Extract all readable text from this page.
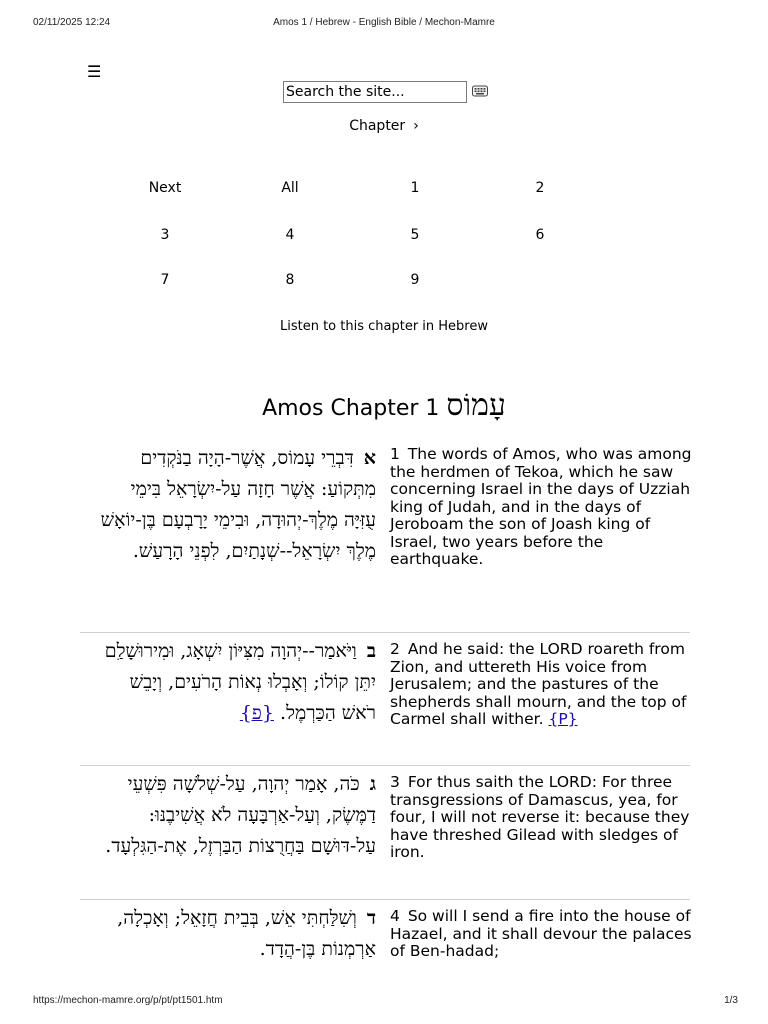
02/11/2025 12:24	Amos 1 / Hebrew - English Bible / Mechon-Mamre
☰
Search the site...
Chapter ›
Next	All	1	2
3	4	5	6
7	8	9
Listen to this chapter in Hebrew
Amos Chapter 1 עָמוֹס
א דִּבְרֵי עָמוֹס, אֲשֶׁר-הָיָה בַנֹּקְדִים מִתְּקוֹעַ: אֲשֶׁר חָזָה עַל-יִשְׂרָאֵל בִּימֵי עֻזִּיָּה מֶלֶךְ-יְהוּדָה, וּבִימֵי יָרָבְעָם בֶּן-יוֹאָשׁ מֶלֶךְ יִשְׂרָאֵל--שְׁנָתַיִם, לִפְנֵי הָרָעַשׁ.
1 The words of Amos, who was among the herdmen of Tekoa, which he saw concerning Israel in the days of Uzziah king of Judah, and in the days of Jeroboam the son of Joash king of Israel, two years before the earthquake.
ב וַיֹּאמַר--יְהוָה מִצִּיּוֹן יִשְׁאָג, וּמִירוּשָׁלִַם יִתֵּן קוֹלוֹ; וְאָבְלוּ נְאוֹת הָרֹעִים, וְיָבֵשׁ רֹאשׁ הַכַּרְמֶל. {פ}
2 And he said: the LORD roareth from Zion, and uttereth His voice from Jerusalem; and the pastures of the shepherds shall mourn, and the top of Carmel shall wither. {P}
ג כֹּה, אָמַר יְהוָה, עַל-שְׁלֹשָׁה פִּשְׁעֵי דַמֶּשֶׂק, וְעַל-אַרְבָּעָה לֹא אֲשִׁיבֶנּוּ: עַל-דּוּשָׁם בַּחֲרֻצוֹת הַבַּרְזֶל, אֶת-הַגִּלְעָד.
3 For thus saith the LORD: For three transgressions of Damascus, yea, for four, I will not reverse it: because they have threshed Gilead with sledges of iron.
ד וְשִׁלַּחְתִּי אֵשׁ, בְּבֵית חֲזָאֵל; וְאָכְלָה, אַרְמְנוֹת בֶּן-הֲדָד.
4 So will I send a fire into the house of Hazael, and it shall devour the palaces of Ben-hadad;
https://mechon-mamre.org/p/pt/pt1501.htm	1/3
